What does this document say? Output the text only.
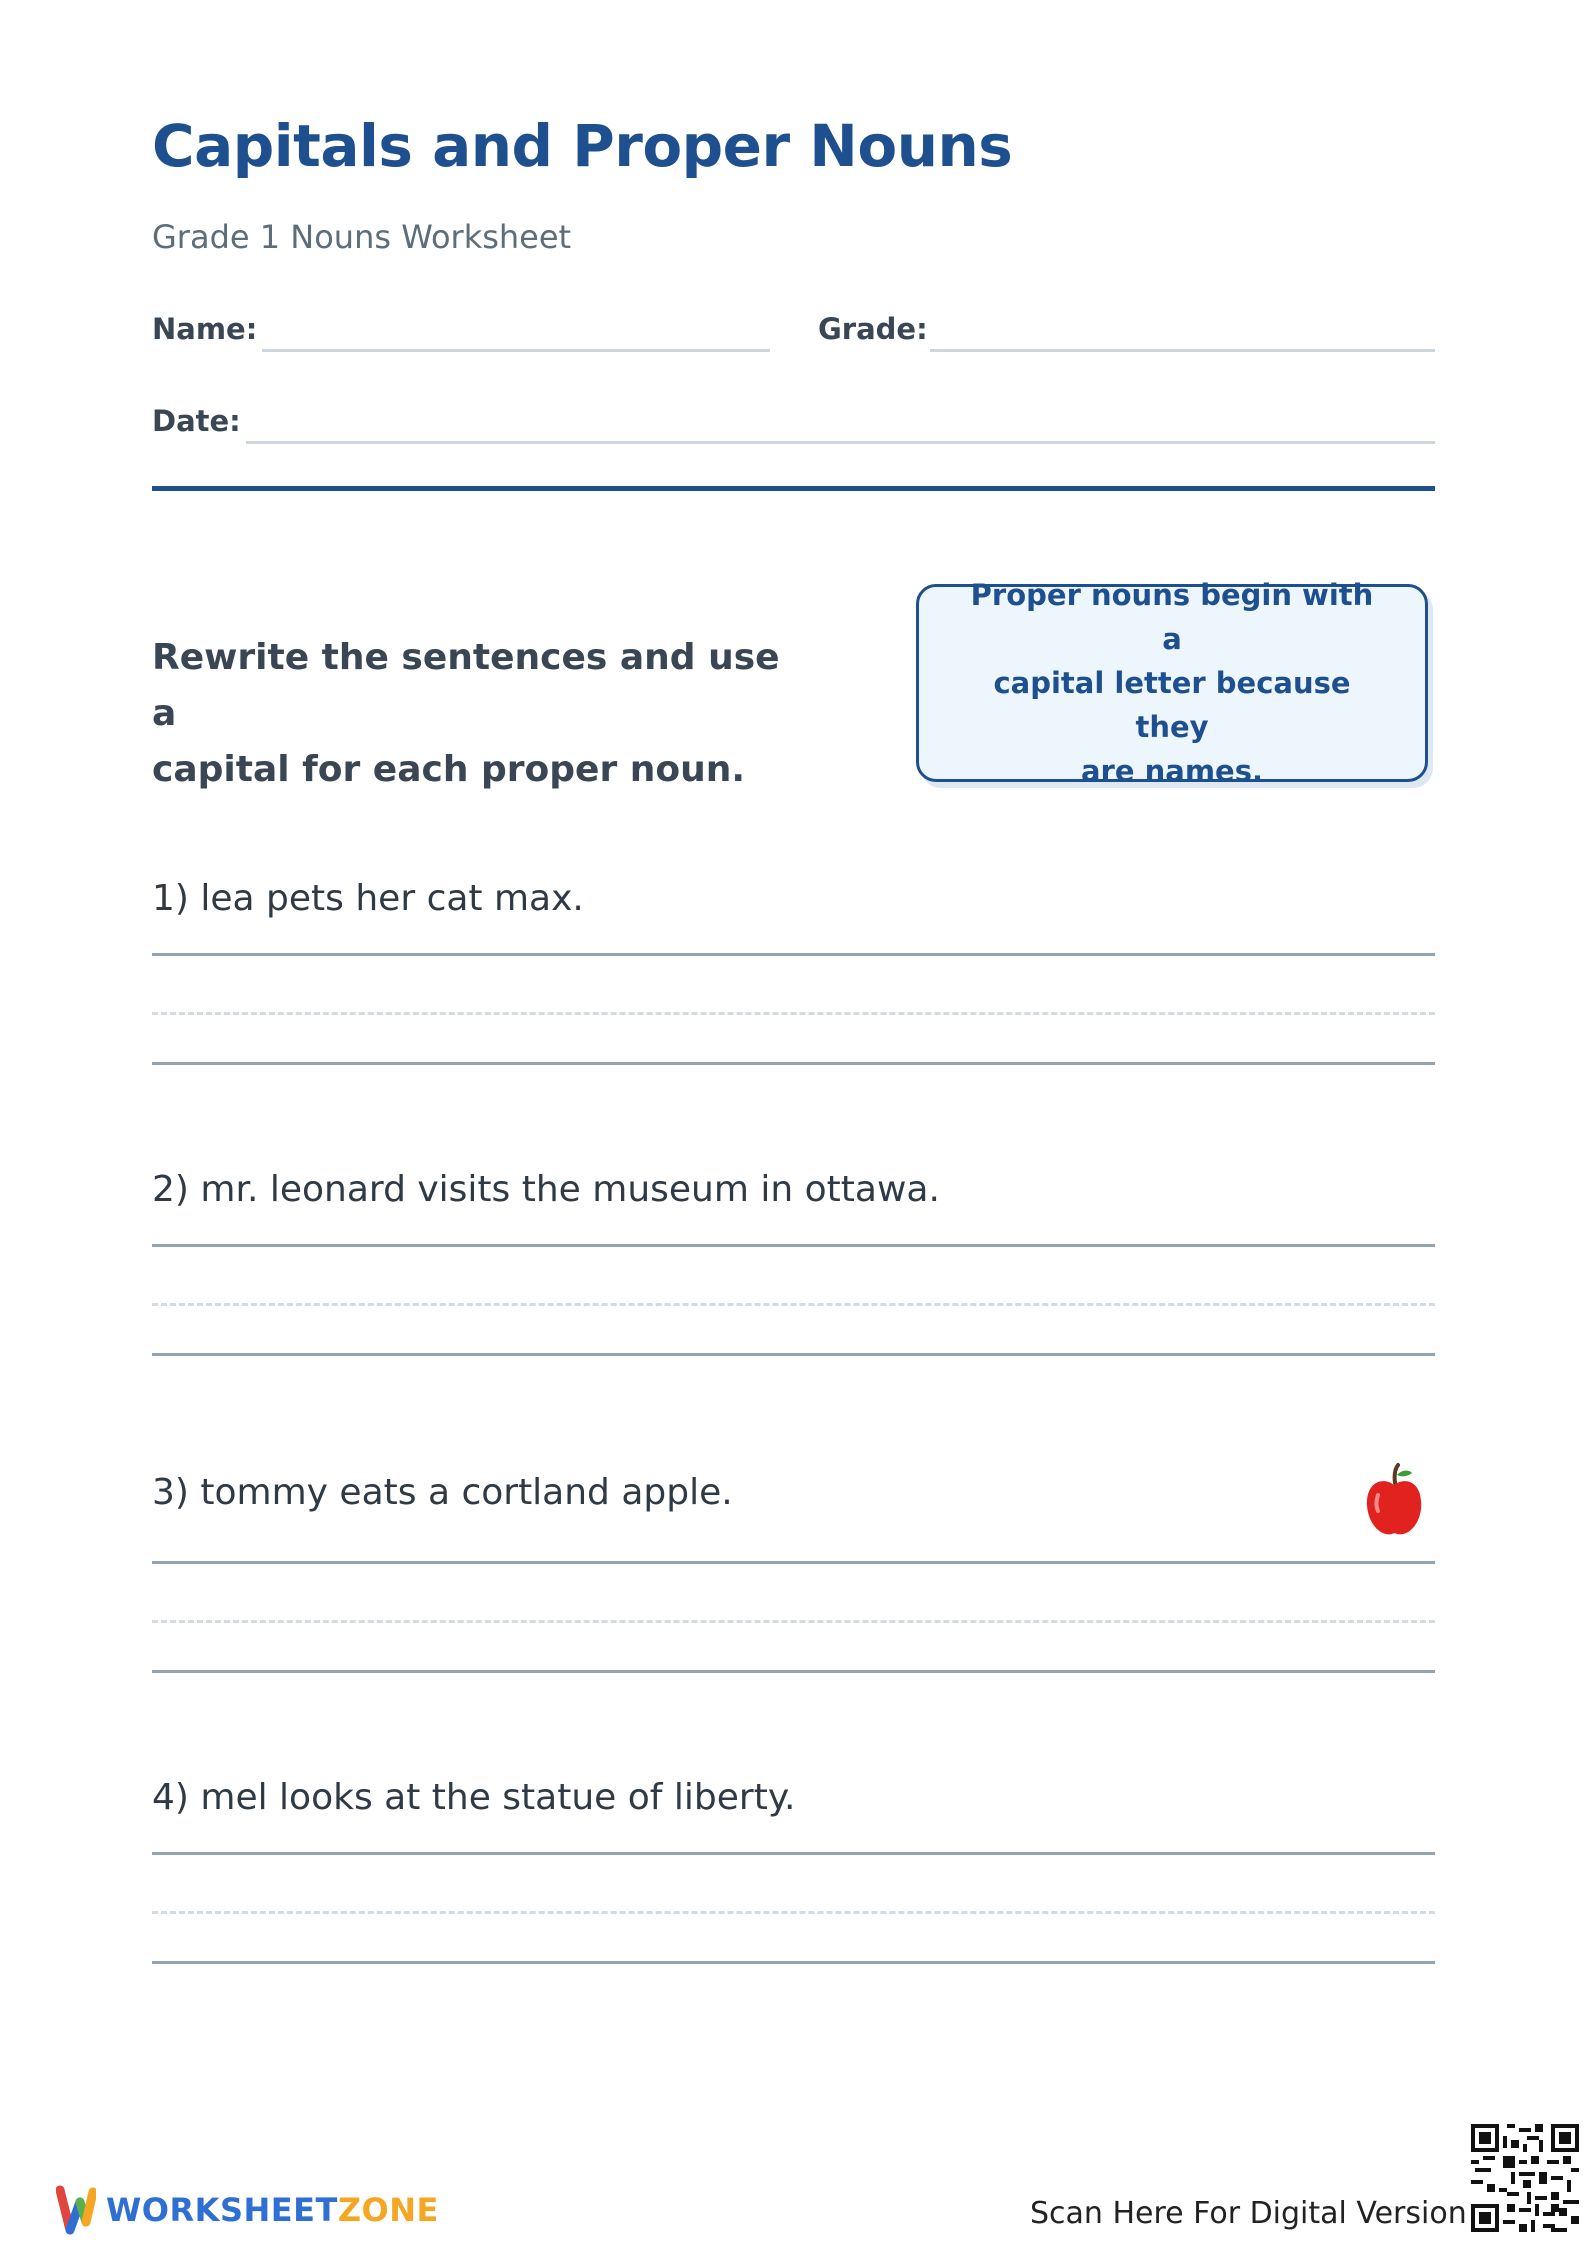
Capitals and Proper Nouns
Grade 1 Nouns Worksheet
Name:	Grade:
Date:
Rewrite the sentences and use a
capital for each proper noun.
Proper nouns begin with a
capital letter because they
are names.
1) lea pets her cat max.
2) mr. leonard visits the museum in ottawa.
3) tommy eats a cortland apple.
4) mel looks at the statue of liberty.
WORKSHEETZONE	Scan Here For Digital Version
